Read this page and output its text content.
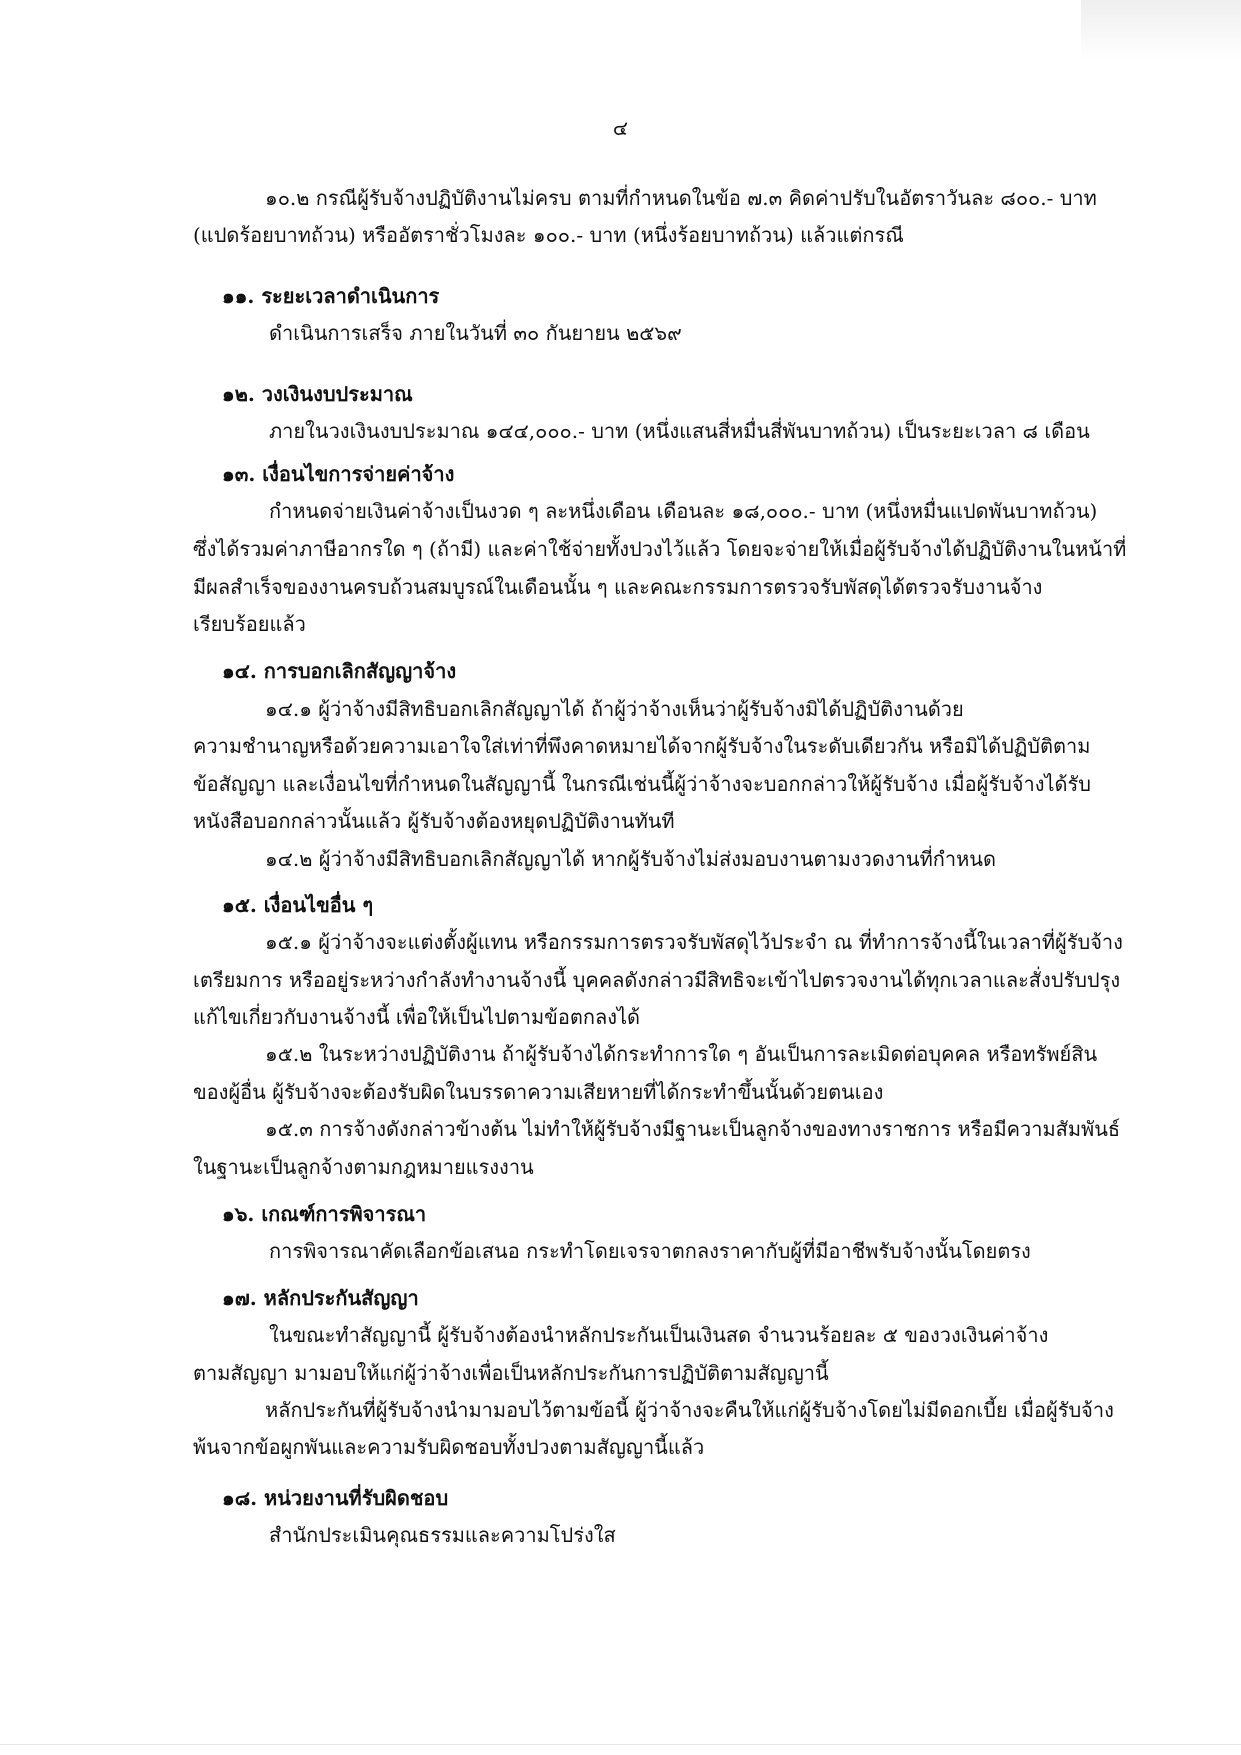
๔
๑๐.๒ กรณีผู้รับจ้างปฏิบัติงานไม่ครบ ตามที่กำหนดในข้อ ๗.๓ คิดค่าปรับในอัตราวันละ ๘๐๐.- บาท
(แปดร้อยบาทถ้วน) หรืออัตราชั่วโมงละ ๑๐๐.- บาท (หนึ่งร้อยบาทถ้วน) แล้วแต่กรณี
๑๑. ระยะเวลาดำเนินการ
ดำเนินการเสร็จ ภายในวันที่ ๓๐ กันยายน ๒๕๖๙
๑๒. วงเงินงบประมาณ
ภายในวงเงินงบประมาณ ๑๔๔,๐๐๐.- บาท (หนึ่งแสนสี่หมื่นสี่พันบาทถ้วน) เป็นระยะเวลา ๘ เดือน
๑๓. เงื่อนไขการจ่ายค่าจ้าง
กำหนดจ่ายเงินค่าจ้างเป็นงวด ๆ ละหนึ่งเดือน เดือนละ ๑๘,๐๐๐.- บาท (หนึ่งหมื่นแปดพันบาทถ้วน)
ซึ่งได้รวมค่าภาษีอากรใด ๆ (ถ้ามี) และค่าใช้จ่ายทั้งปวงไว้แล้ว โดยจะจ่ายให้เมื่อผู้รับจ้างได้ปฏิบัติงานในหน้าที่
มีผลสำเร็จของงานครบถ้วนสมบูรณ์ในเดือนนั้น ๆ และคณะกรรมการตรวจรับพัสดุได้ตรวจรับงานจ้าง
เรียบร้อยแล้ว
๑๔. การบอกเลิกสัญญาจ้าง
๑๔.๑ ผู้ว่าจ้างมีสิทธิบอกเลิกสัญญาได้ ถ้าผู้ว่าจ้างเห็นว่าผู้รับจ้างมิได้ปฏิบัติงานด้วย
ความชำนาญหรือด้วยความเอาใจใส่เท่าที่พึงคาดหมายได้จากผู้รับจ้างในระดับเดียวกัน หรือมิได้ปฏิบัติตาม
ข้อสัญญา และเงื่อนไขที่กำหนดในสัญญานี้ ในกรณีเช่นนี้ผู้ว่าจ้างจะบอกกล่าวให้ผู้รับจ้าง เมื่อผู้รับจ้างได้รับ
หนังสือบอกกล่าวนั้นแล้ว ผู้รับจ้างต้องหยุดปฏิบัติงานทันที
๑๔.๒ ผู้ว่าจ้างมีสิทธิบอกเลิกสัญญาได้ หากผู้รับจ้างไม่ส่งมอบงานตามงวดงานที่กำหนด
๑๕. เงื่อนไขอื่น ๆ
๑๕.๑ ผู้ว่าจ้างจะแต่งตั้งผู้แทน หรือกรรมการตรวจรับพัสดุไว้ประจำ ณ ที่ทำการจ้างนี้ในเวลาที่ผู้รับจ้าง
เตรียมการ หรืออยู่ระหว่างกำลังทำงานจ้างนี้ บุคคลดังกล่าวมีสิทธิจะเข้าไปตรวจงานได้ทุกเวลาและสั่งปรับปรุง
แก้ไขเกี่ยวกับงานจ้างนี้ เพื่อให้เป็นไปตามข้อตกลงได้
๑๕.๒ ในระหว่างปฏิบัติงาน ถ้าผู้รับจ้างได้กระทำการใด ๆ อันเป็นการละเมิดต่อบุคคล หรือทรัพย์สิน
ของผู้อื่น ผู้รับจ้างจะต้องรับผิดในบรรดาความเสียหายที่ได้กระทำขึ้นนั้นด้วยตนเอง
๑๕.๓ การจ้างดังกล่าวข้างต้น ไม่ทำให้ผู้รับจ้างมีฐานะเป็นลูกจ้างของทางราชการ หรือมีความสัมพันธ์
ในฐานะเป็นลูกจ้างตามกฎหมายแรงงาน
๑๖. เกณฑ์การพิจารณา
การพิจารณาคัดเลือกข้อเสนอ กระทำโดยเจรจาตกลงราคากับผู้ที่มีอาชีพรับจ้างนั้นโดยตรง
๑๗. หลักประกันสัญญา
ในขณะทำสัญญานี้ ผู้รับจ้างต้องนำหลักประกันเป็นเงินสด จำนวนร้อยละ ๕ ของวงเงินค่าจ้าง
ตามสัญญา มามอบให้แก่ผู้ว่าจ้างเพื่อเป็นหลักประกันการปฏิบัติตามสัญญานี้
หลักประกันที่ผู้รับจ้างนำมามอบไว้ตามข้อนี้ ผู้ว่าจ้างจะคืนให้แก่ผู้รับจ้างโดยไม่มีดอกเบี้ย เมื่อผู้รับจ้าง
พ้นจากข้อผูกพันและความรับผิดชอบทั้งปวงตามสัญญานี้แล้ว
๑๘. หน่วยงานที่รับผิดชอบ
สำนักประเมินคุณธรรมและความโปร่งใส
